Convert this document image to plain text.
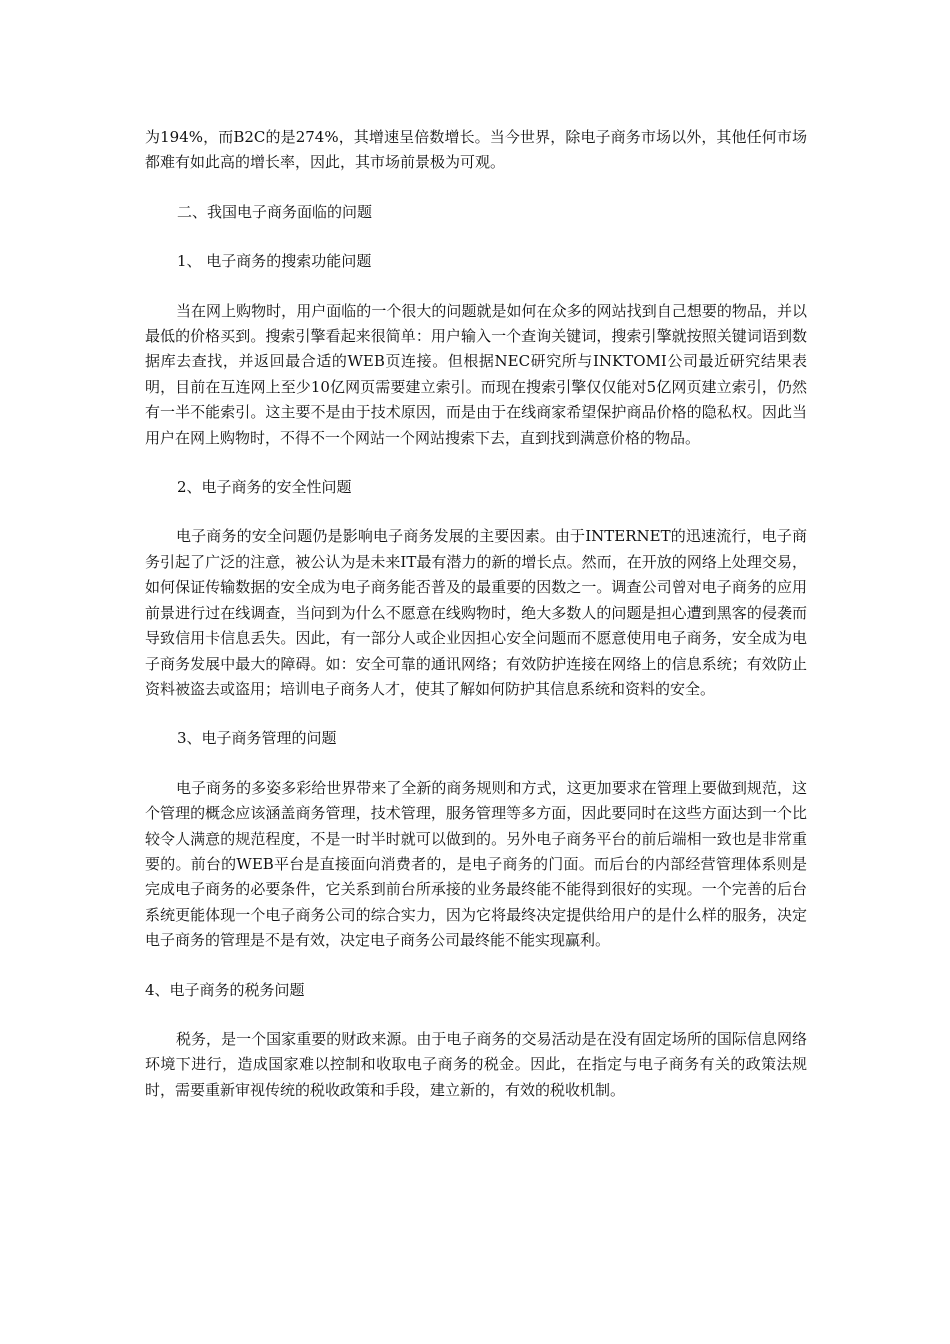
为194%，而B2C的是274%，其增速呈倍数增长。当今世界，除电子商务市场以外，其他任何市场都难有如此高的增长率，因此，其市场前景极为可观。

二、我国电子商务面临的问题

1、 电子商务的搜索功能问题

当在网上购物时，用户面临的一个很大的问题就是如何在众多的网站找到自己想要的物品，并以最低的价格买到。搜索引擎看起来很简单：用户输入一个查询关键词，搜索引擎就按照关键词语到数据库去查找，并返回最合适的WEB页连接。但根据NEC研究所与INKTOMI公司最近研究结果表明，目前在互连网上至少10亿网页需要建立索引。而现在搜索引擎仅仅能对5亿网页建立索引，仍然有一半不能索引。这主要不是由于技术原因，而是由于在线商家希望保护商品价格的隐私权。因此当用户在网上购物时，不得不一个网站一个网站搜索下去，直到找到满意价格的物品。

2、电子商务的安全性问题

电子商务的安全问题仍是影响电子商务发展的主要因素。由于INTERNET的迅速流行，电子商务引起了广泛的注意，被公认为是未来IT最有潜力的新的增长点。然而，在开放的网络上处理交易，如何保证传输数据的安全成为电子商务能否普及的最重要的因数之一。调查公司曾对电子商务的应用前景进行过在线调查，当问到为什么不愿意在线购物时，绝大多数人的问题是担心遭到黑客的侵袭而导致信用卡信息丢失。因此，有一部分人或企业因担心安全问题而不愿意使用电子商务，安全成为电子商务发展中最大的障碍。如：安全可靠的通讯网络；有效防护连接在网络上的信息系统；有效防止资料被盗去或盗用；培训电子商务人才，使其了解如何防护其信息系统和资料的安全。

3、电子商务管理的问题

电子商务的多姿多彩给世界带来了全新的商务规则和方式，这更加要求在管理上要做到规范，这个管理的概念应该涵盖商务管理，技术管理，服务管理等多方面，因此要同时在这些方面达到一个比较令人满意的规范程度，不是一时半时就可以做到的。另外电子商务平台的前后端相一致也是非常重要的。前台的WEB平台是直接面向消费者的，是电子商务的门面。而后台的内部经营管理体系则是完成电子商务的必要条件，它关系到前台所承接的业务最终能不能得到很好的实现。一个完善的后台系统更能体现一个电子商务公司的综合实力，因为它将最终决定提供给用户的是什么样的服务，决定电子商务的管理是不是有效，决定电子商务公司最终能不能实现赢利。

4、电子商务的税务问题

税务，是一个国家重要的财政来源。由于电子商务的交易活动是在没有固定场所的国际信息网络环境下进行，造成国家难以控制和收取电子商务的税金。因此，在指定与电子商务有关的政策法规时，需要重新审视传统的税收政策和手段，建立新的，有效的税收机制。
